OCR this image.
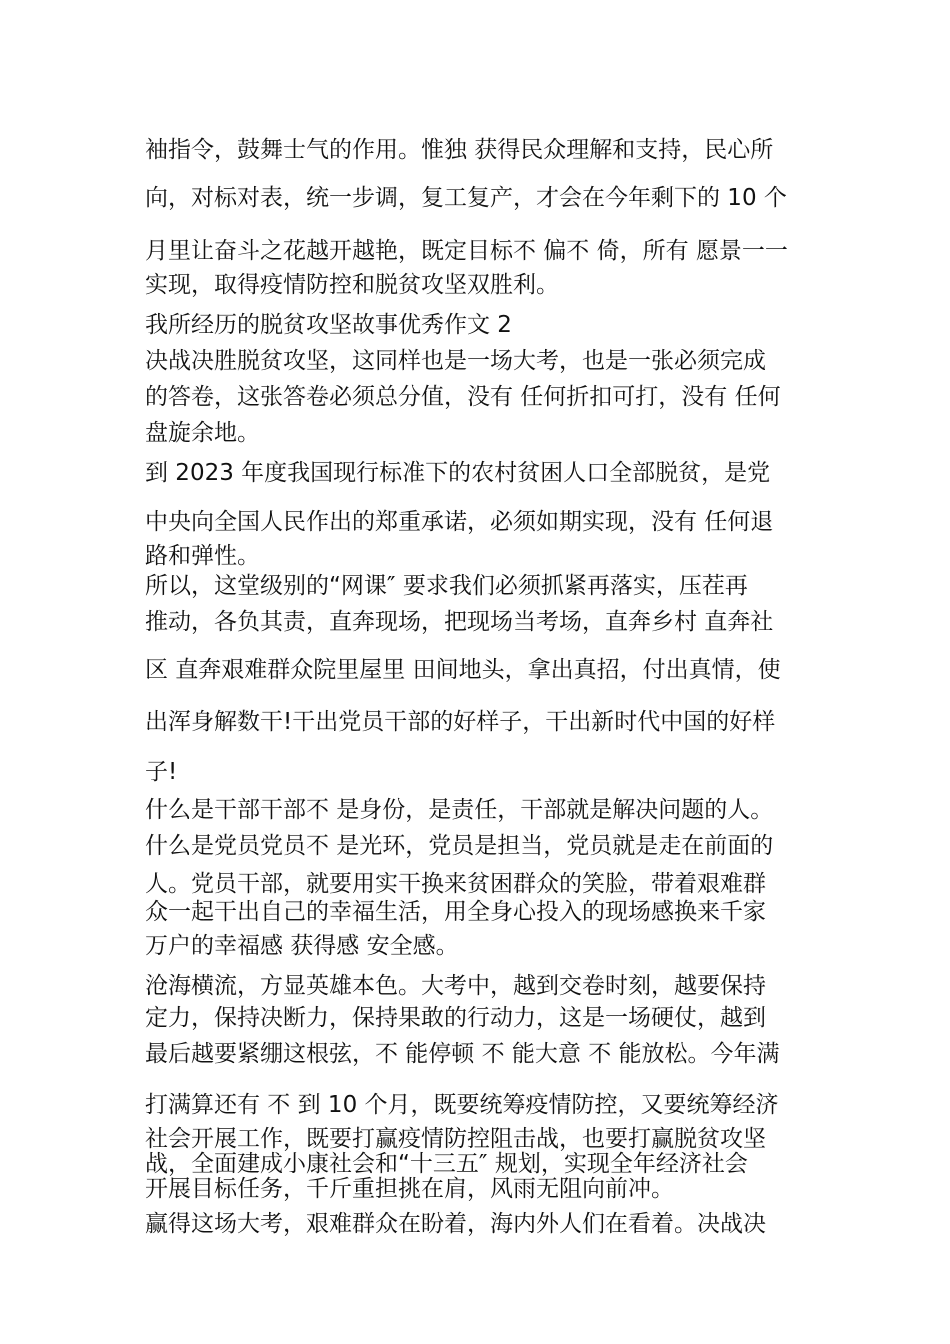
袖指令，鼓舞士气的作用。惟独 获得民众理解和支持，民心所

向，对标对表，统一步调，复工复产，才会在今年剩下的 10 个

月里让奋斗之花越开越艳，既定目标不 偏不 倚，所有 愿景一一

实现，取得疫情防控和脱贫攻坚双胜利。

我所经历的脱贫攻坚故事优秀作文 2

决战决胜脱贫攻坚，这同样也是一场大考，也是一张必须完成

的答卷，这张答卷必须总分值，没有 任何折扣可打，没有 任何

盘旋余地。

到 2023 年度我国现行标准下的农村贫困人口全部脱贫，是党

中央向全国人民作出的郑重承诺，必须如期实现，没有 任何退

路和弹性。

所以，这堂级别的“网课″ 要求我们必须抓紧再落实，压茬再

推动，各负其责，直奔现场，把现场当考场，直奔乡村 直奔社

区 直奔艰难群众院里屋里 田间地头，拿出真招，付出真情，使

出浑身解数干!干出党员干部的好样子，干出新时代中国的好样

子!

什么是干部干部不 是身份，是责任，干部就是解决问题的人。

什么是党员党员不 是光环，党员是担当，党员就是走在前面的

人。党员干部，就要用实干换来贫困群众的笑脸，带着艰难群

众一起干出自己的幸福生活，用全身心投入的现场感换来千家

万户的幸福感 获得感 安全感。

沧海横流，方显英雄本色。大考中，越到交卷时刻，越要保持

定力，保持决断力，保持果敢的行动力，这是一场硬仗，越到

最后越要紧绷这根弦，不 能停顿 不 能大意 不 能放松。今年满

打满算还有 不 到 10 个月，既要统筹疫情防控，又要统筹经济

社会开展工作，既要打赢疫情防控阻击战，也要打赢脱贫攻坚

战，全面建成小康社会和“十三五″ 规划，实现全年经济社会

开展目标任务，千斤重担挑在肩，风雨无阻向前冲。

赢得这场大考，艰难群众在盼着，海内外人们在看着。决战决
